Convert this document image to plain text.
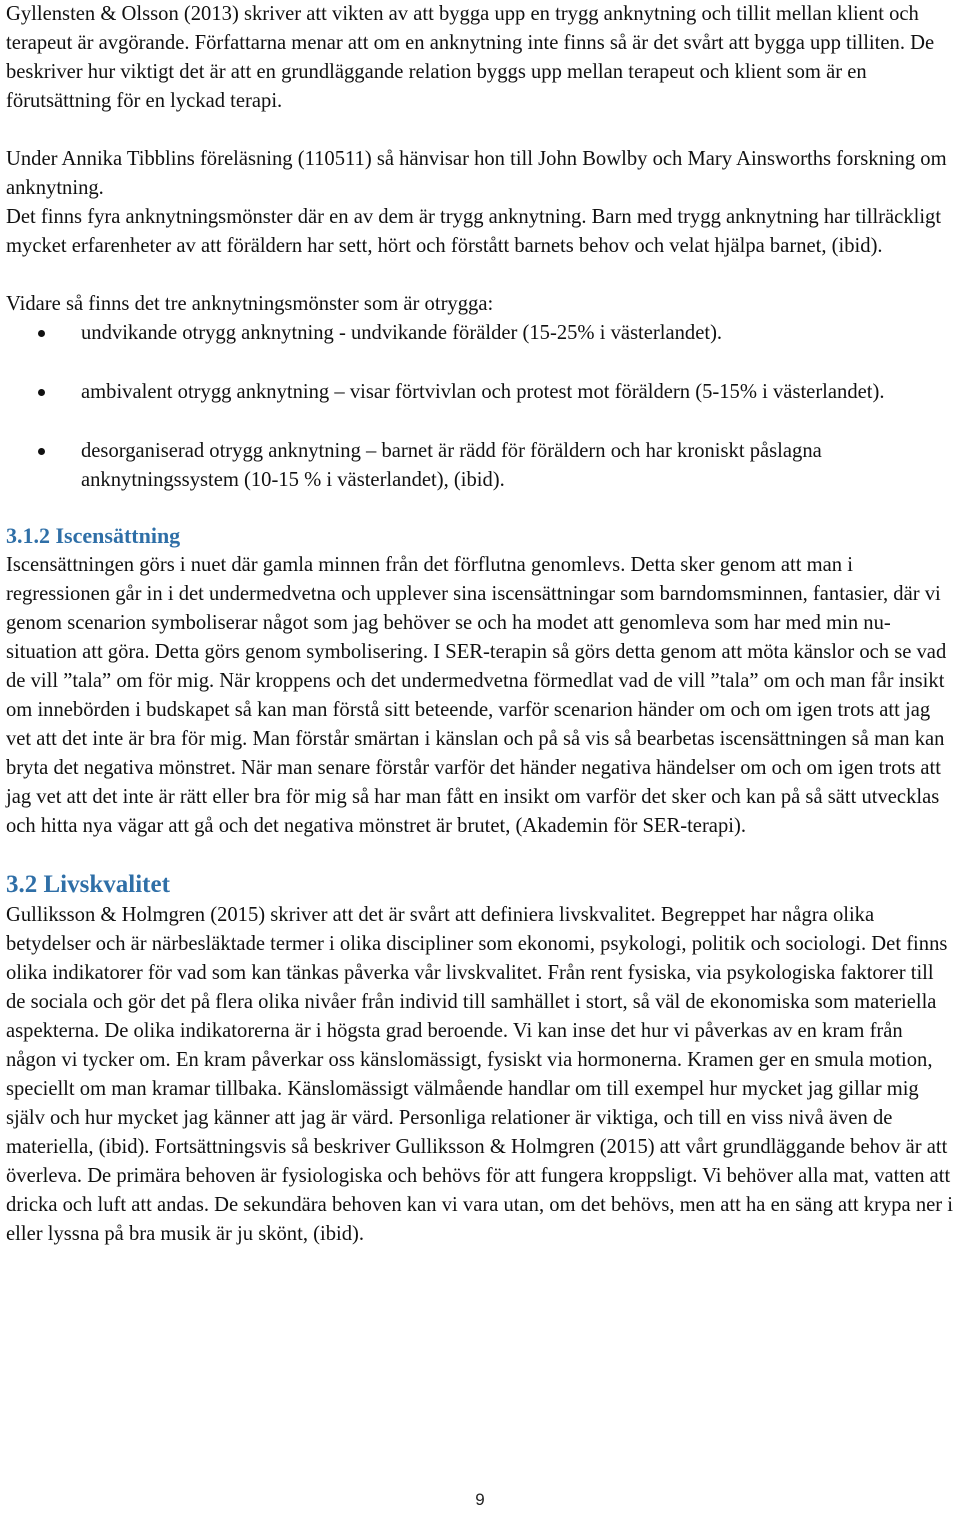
Gyllensten & Olsson (2013) skriver att vikten av att bygga upp en trygg anknytning och tillit mellan klient och terapeut är avgörande. Författarna menar att om en anknytning inte finns så är det svårt att bygga upp tilliten. De beskriver hur viktigt det är att en grundläggande relation byggs upp mellan terapeut och klient som är en förutsättning för en lyckad terapi.

Under Annika Tibblins föreläsning (110511) så hänvisar hon till John Bowlby och Mary Ainsworths forskning om anknytning.

Det finns fyra anknytningsmönster där en av dem är trygg anknytning. Barn med trygg anknytning har tillräckligt mycket erfarenheter av att föräldern har sett, hört och förstått barnets behov och velat hjälpa barnet, (ibid).

Vidare så finns det tre anknytningsmönster som är otrygga:

undvikande otrygg anknytning - undvikande förälder (15-25% i västerlandet).
ambivalent otrygg anknytning – visar förtvivlan och protest mot föräldern (5-15% i västerlandet).
desorganiserad otrygg anknytning – barnet är rädd för föräldern och har kroniskt påslagna anknytningssystem (10-15 % i västerlandet), (ibid).
3.1.2 Iscensättning

Iscensättningen görs i nuet där gamla minnen från det förflutna genomlevs. Detta sker genom att man i regressionen går in i det undermedvetna och upplever sina iscensättningar som barndomsminnen, fantasier, där vi genom scenarion symboliserar något som jag behöver se och ha modet att genomleva som har med min nu-situation att göra. Detta görs genom symbolisering. I SER-terapin så görs detta genom att möta känslor och se vad de vill ”tala” om för mig. När kroppens och det undermedvetna förmedlat vad de vill ”tala” om och man får insikt om innebörden i budskapet så kan man förstå sitt beteende, varför scenarion händer om och om igen trots att jag vet att det inte är bra för mig. Man förstår smärtan i känslan och på så vis så bearbetas iscensättningen så man kan bryta det negativa mönstret. När man senare förstår varför det händer negativa händelser om och om igen trots att jag vet att det inte är rätt eller bra för mig så har man fått en insikt om varför det sker och kan på så sätt utvecklas och hitta nya vägar att gå och det negativa mönstret är brutet, (Akademin för SER-terapi).

3.2 Livskvalitet

Gulliksson & Holmgren (2015) skriver att det är svårt att definiera livskvalitet. Begreppet har några olika betydelser och är närbesläktade termer i olika discipliner som ekonomi, psykologi, politik och sociologi. Det finns olika indikatorer för vad som kan tänkas påverka vår livskvalitet. Från rent fysiska, via psykologiska faktorer till de sociala och gör det på flera olika nivåer från individ till samhället i stort, så väl de ekonomiska som materiella aspekterna. De olika indikatorerna är i högsta grad beroende. Vi kan inse det hur vi påverkas av en kram från någon vi tycker om. En kram påverkar oss känslomässigt, fysiskt via hormonerna. Kramen ger en smula motion, speciellt om man kramar tillbaka. Känslomässigt välmående handlar om till exempel hur mycket jag gillar mig själv och hur mycket jag känner att jag är värd. Personliga relationer är viktiga, och till en viss nivå även de materiella, (ibid). Fortsättningsvis så beskriver Gulliksson & Holmgren (2015) att vårt grundläggande behov är att överleva. De primära behoven är fysiologiska och behövs för att fungera kroppsligt. Vi behöver alla mat, vatten att dricka och luft att andas. De sekundära behoven kan vi vara utan, om det behövs, men att ha en säng att krypa ner i eller lyssna på bra musik är ju skönt, (ibid).

9
